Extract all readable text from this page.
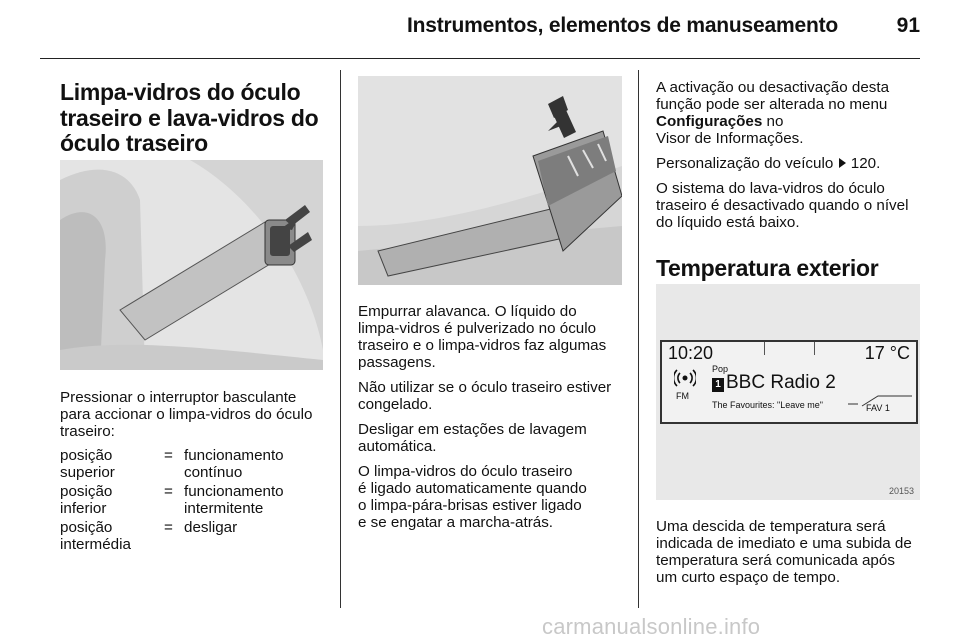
Instrumentos, elementos de manuseamento	91
Limpa-vidros do óculo
traseiro e lava-vidros do
óculo traseiro
Pressionar o interruptor basculante
para accionar o limpa-vidros do óculo
traseiro:
posição
superior
= funcionamento
contínuo
posição
inferior
= funcionamento
intermitente
posição
intermédia
= desligar

Empurrar alavanca. O líquido do
limpa-vidros é pulverizado no óculo
traseiro e o limpa-vidros faz algumas
passagens.

Não utilizar se o óculo traseiro estiver
congelado.

Desligar em estações de lavagem
automática.

O limpa-vidros do óculo traseiro
é ligado automaticamente quando
o limpa-pára-brisas estiver ligado
e se engatar a marcha-atrás.

A activação ou desactivação desta
função pode ser alterada no menu
Configurações no
Visor de Informações.

Personalização do veículo  120.

O sistema do lava-vidros do óculo
traseiro é desactivado quando o nível
do líquido está baixo.

Temperatura exterior
10:20	17 °C
Pop
FM
1 BBC Radio 2
The Favourites: "Leave me"	FAV 1
20153
Uma descida de temperatura será
indicada de imediato e uma subida de
temperatura será comunicada após
um curto espaço de tempo.
carmanualsonline.info
